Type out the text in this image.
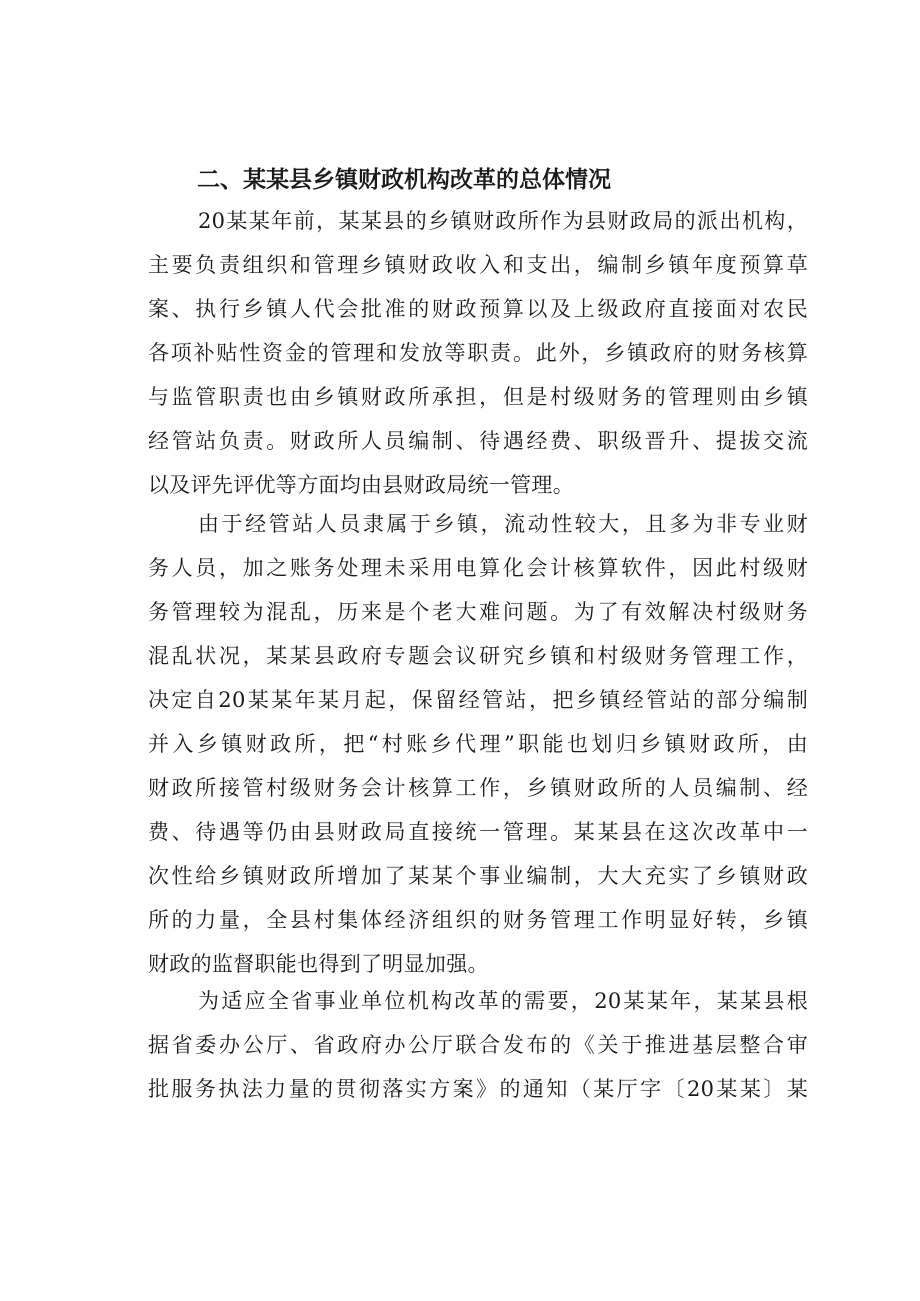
二、某某县乡镇财政机构改革的总体情况
20某某年前，某某县的乡镇财政所作为县财政局的派出机构，
主要负责组织和管理乡镇财政收入和支出，编制乡镇年度预算草
案、执行乡镇人代会批准的财政预算以及上级政府直接面对农民
各项补贴性资金的管理和发放等职责。此外，乡镇政府的财务核算
与监管职责也由乡镇财政所承担，但是村级财务的管理则由乡镇
经管站负责。财政所人员编制、待遇经费、职级晋升、提拔交流
以及评先评优等方面均由县财政局统一管理。
由于经管站人员隶属于乡镇，流动性较大，且多为非专业财
务人员，加之账务处理未采用电算化会计核算软件，因此村级财
务管理较为混乱，历来是个老大难问题。为了有效解决村级财务
混乱状况，某某县政府专题会议研究乡镇和村级财务管理工作，
决定自20某某年某月起，保留经管站，把乡镇经管站的部分编制
并入乡镇财政所，把“村账乡代理”职能也划归乡镇财政所，由
财政所接管村级财务会计核算工作，乡镇财政所的人员编制、经
费、待遇等仍由县财政局直接统一管理。某某县在这次改革中一
次性给乡镇财政所增加了某某个事业编制，大大充实了乡镇财政
所的力量，全县村集体经济组织的财务管理工作明显好转，乡镇
财政的监督职能也得到了明显加强。
为适应全省事业单位机构改革的需要，20某某年，某某县根
据省委办公厅、省政府办公厅联合发布的《关于推进基层整合审
批服务执法力量的贯彻落实方案》的通知（某厅字〔20某某〕某
